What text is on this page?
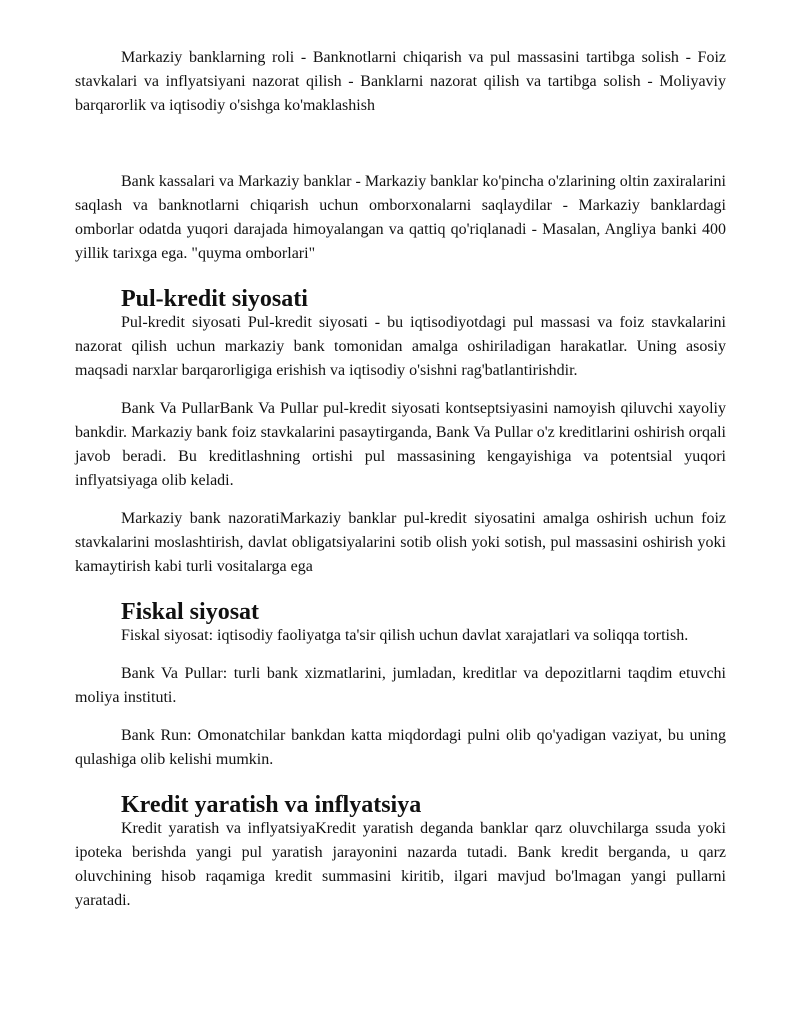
Markaziy banklarning roli - Banknotlarni chiqarish va pul massasini tartibga solish - Foiz stavkalari va inflyatsiyani nazorat qilish - Banklarni nazorat qilish va tartibga solish - Moliyaviy barqarorlik va iqtisodiy o'sishga ko'maklashish

Bank kassalari va Markaziy banklar - Markaziy banklar ko'pincha o'zlarining oltin zaxiralarini saqlash va banknotlarni chiqarish uchun omborxonalarni saqlaydilar - Markaziy banklardagi omborlar odatda yuqori darajada himoyalangan va qattiq qo'riqlanadi - Masalan, Angliya banki 400 yillik tarixga ega. "quyma omborlari"

Pul-kredit siyosati

Pul-kredit siyosati Pul-kredit siyosati - bu iqtisodiyotdagi pul massasi va foiz stavkalarini nazorat qilish uchun markaziy bank tomonidan amalga oshiriladigan harakatlar. Uning asosiy maqsadi narxlar barqarorligiga erishish va iqtisodiy o'sishni rag'batlantirishdir.

Bank Va PullarBank Va Pullar pul-kredit siyosati kontseptsiyasini namoyish qiluvchi xayoliy bankdir. Markaziy bank foiz stavkalarini pasaytirganda, Bank Va Pullar o'z kreditlarini oshirish orqali javob beradi. Bu kreditlashning ortishi pul massasining kengayishiga va potentsial yuqori inflyatsiyaga olib keladi.

Markaziy bank nazoratiMarkaziy banklar pul-kredit siyosatini amalga oshirish uchun foiz stavkalarini moslashtirish, davlat obligatsiyalarini sotib olish yoki sotish, pul massasini oshirish yoki kamaytirish kabi turli vositalarga ega

Fiskal siyosat

Fiskal siyosat: iqtisodiy faoliyatga ta'sir qilish uchun davlat xarajatlari va soliqqa tortish.

Bank Va Pullar: turli bank xizmatlarini, jumladan, kreditlar va depozitlarni taqdim etuvchi moliya instituti.

Bank Run: Omonatchilar bankdan katta miqdordagi pulni olib qo'yadigan vaziyat, bu uning qulashiga olib kelishi mumkin.

Kredit yaratish va inflyatsiya

Kredit yaratish va inflyatsiyaKredit yaratish deganda banklar qarz oluvchilarga ssuda yoki ipoteka berishda yangi pul yaratish jarayonini nazarda tutadi. Bank kredit berganda, u qarz oluvchining hisob raqamiga kredit summasini kiritib, ilgari mavjud bo'lmagan yangi pullarni yaratadi.
